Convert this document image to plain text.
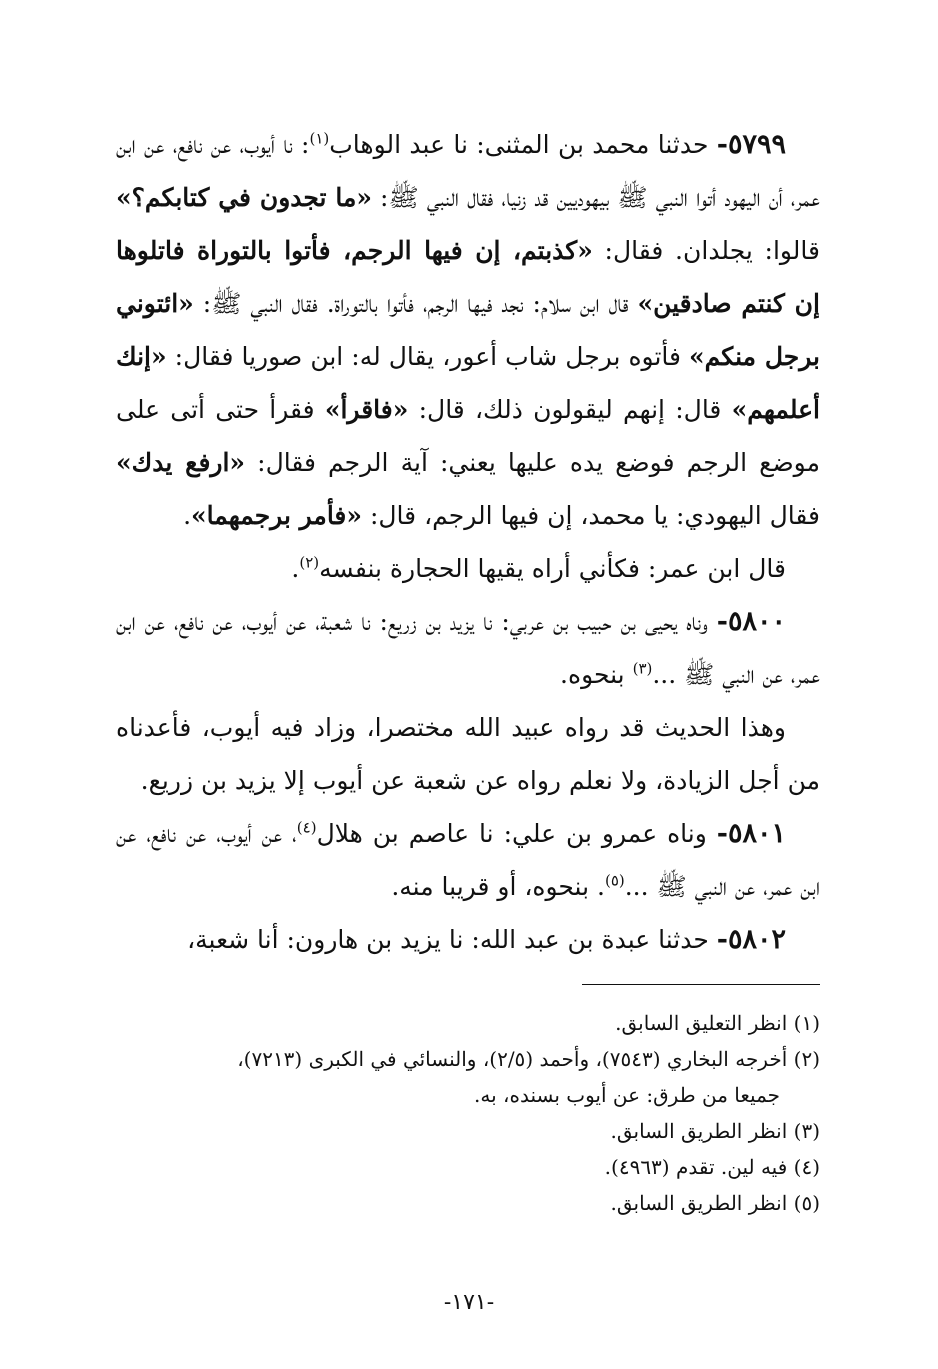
٥٧٩٩- حدثنا محمد بن المثنى: نا عبد الوهاب$^{(١)}$: نا أيوب، عن نافع، عن ابن عمر، أن اليهود أتوا النبي ﷺ بيهوديين قد زنيا، فقال النبي ﷺ: «ما تجدون في كتابكم؟» قالوا: يجلدان. فقال: «كذبتم، إن فيها الرجم، فأتوا بالتوراة فاتلوها إن كنتم صادقين» قال ابن سلام: نجد فيها الرجم، فأتوا بالتوراة. فقال النبي ﷺ: «ائتوني برجل منكم» فأتوه برجل شاب أعور، يقال له: ابن صوريا فقال: «إنك أعلمهم» قال: إنهم ليقولون ذلك، قال: «فاقرأ» فقرأ حتى أتى على موضع الرجم فوضع يده عليها يعني: آية الرجم فقال: «ارفع يدك» فقال اليهودي: يا محمد، إن فيها الرجم، قال: «فأمر برجمهما».

قال ابن عمر: فكأني أراه يقيها الحجارة بنفسه$^{(٢)}$.

٥٨٠٠- وناه يحيى بن حبيب بن عربي: نا يزيد بن زريع: نا شعبة، عن أيوب، عن نافع، عن ابن عمر، عن النبي ﷺ ...$^{(٣)}$ بنحوه.

وهذا الحديث قد رواه عبيد الله مختصرا، وزاد فيه أيوب، فأعدناه من أجل الزيادة، ولا نعلم رواه عن شعبة عن أيوب إلا يزيد بن زريع.

٥٨٠١- وناه عمرو بن علي: نا عاصم بن هلال$^{(٤)}$، عن أيوب، عن نافع، عن ابن عمر، عن النبي ﷺ ...$^{(٥)}$. بنحوه، أو قريبا منه.

٥٨٠٢- حدثنا عبدة بن عبد الله: نا يزيد بن هارون: أنا شعبة،

(١) انظر التعليق السابق.

(٢) أخرجه البخاري (٧٥٤٣)، وأحمد (٢/٥)، والنسائي في الكبرى (٧٢١٣)،

جميعا من طرق: عن أيوب بسنده، به.

(٣) انظر الطريق السابق.

(٤) فيه لين. تقدم (٤٩٦٣).

(٥) انظر الطريق السابق.

-١٧١-
